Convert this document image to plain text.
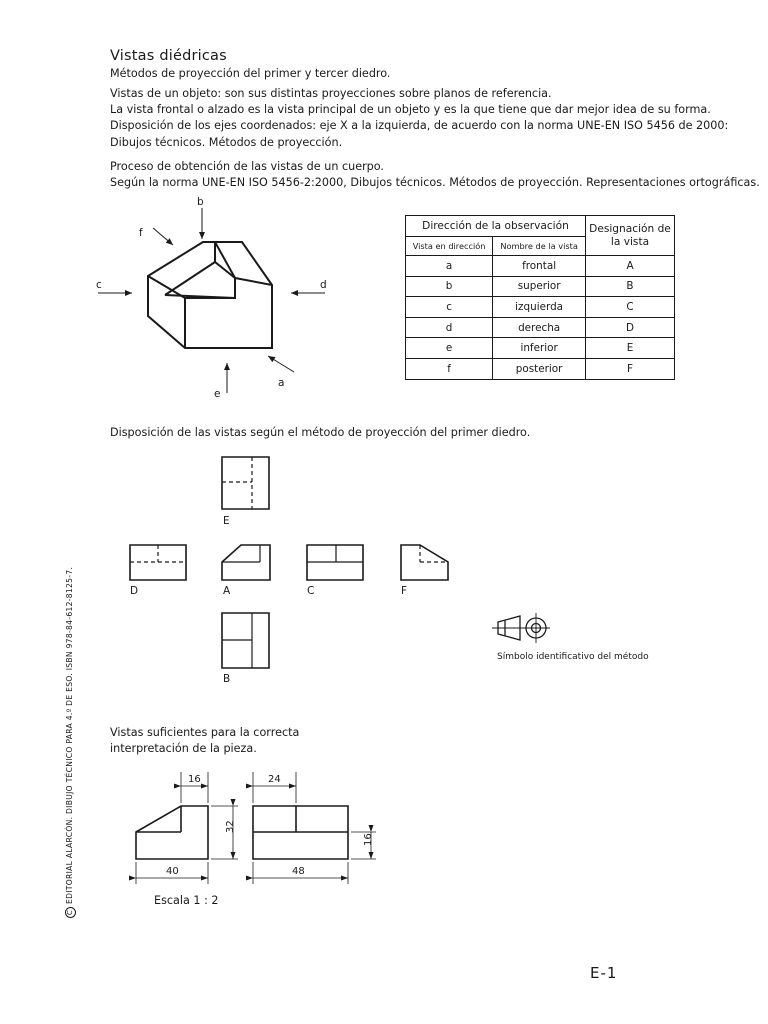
Vistas diédricas
Métodos de proyección del primer y tercer diedro.
Vistas de un objeto: son sus distintas proyecciones sobre planos de referencia.
La vista frontal o alzado es la vista principal de un objeto y es la que tiene que dar mejor idea de su forma.
Disposición de los ejes coordenados: eje X a la izquierda, de acuerdo con la norma UNE-EN ISO 5456 de 2000:
Dibujos técnicos. Métodos de proyección.
Proceso de obtención de las vistas de un cuerpo.
Según la norma UNE-EN ISO 5456-2:2000, Dibujos técnicos. Métodos de proyección. Representaciones ortográficas.
b
f
c	d
a
e
Dirección de la observación		Designación de la vista
Vista en dirección	Nombre de la vista	
a	frontal	A
b	superior	B
c	izquierda	C
d	derecha	D
e	inferior	E
f	posterior	F
Disposición de las vistas según el método de proyección del primer diedro.
E
D	A	C	F
B
Símbolo identificativo del método
Vistas suficientes para la correcta
interpretación de la pieza.
16
32
40
24
16
48
Escala 1 : 2
CEDITORIAL ALARCÓN. DIBUJO TÉCNICO PARA 4.º DE ESO. ISBN 978-84-612-8125-7.
E-1
